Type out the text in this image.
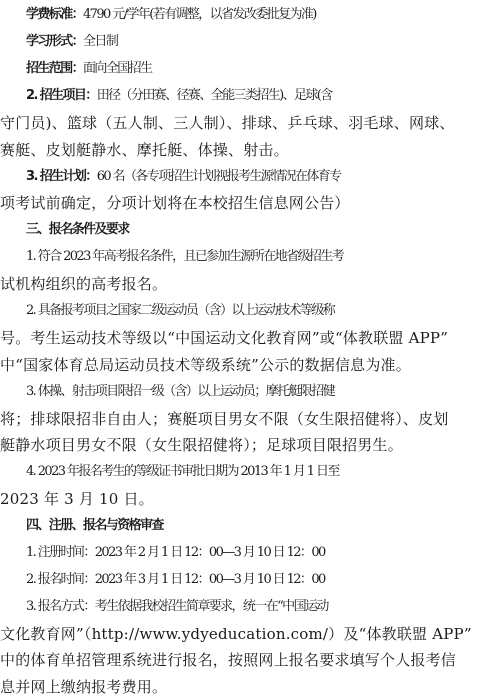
学费标准：4790 元/学年(若有调整，以省发改委批复为准)
学习形式：全日制
招生范围：面向全国招生
2. 招生项目：田径（分田赛、径赛、全能三类招生)、足球(含
守门员)、篮球（五人制、三人制）、排球、乒乓球、羽毛球、网球、
赛艇、皮划艇静水、摩托艇、体操、射击。
3. 招生计划：60 名（各专项招生计划视报考生源情况在体育专
项考试前确定，分项计划将在本校招生信息网公告）
三、报名条件及要求
1. 符合 2023 年高考报名条件，且已参加生源所在地省级招生考
试机构组织的高考报名。
2. 具备报考项目之国家二级运动员（含）以上运动技术等级称
号。考生运动技术等级以“中国运动文化教育网”或“体教联盟 APP”
中“国家体育总局运动员技术等级系统”公示的数据信息为准。
3. 体操、射击项目限招一级（含）以上运动员；摩托艇限招健
将；排球限招非自由人；赛艇项目男女不限（女生限招健将）、皮划
艇静水项目男女不限（女生限招健将）；足球项目限招男生。
4. 2023 年报名考生的等级证书审批日期为 2013 年 1 月 1 日至
2023 年 3 月 10 日。
四、注册、报名与资格审查
1. 注册时间：2023 年 2 月 1 日 12：00—3 月 10 日 12：00
2. 报名时间：2023 年 3 月 1 日 12：00—3 月 10 日 12：00
3. 报名方式：考生依据我校招生简章要求，统一在“中国运动
文化教育网”（http://www.ydyeducation.com/）及“体教联盟 APP”
中的体育单招管理系统进行报名，按照网上报名要求填写个人报考信
息并网上缴纳报考费用。
